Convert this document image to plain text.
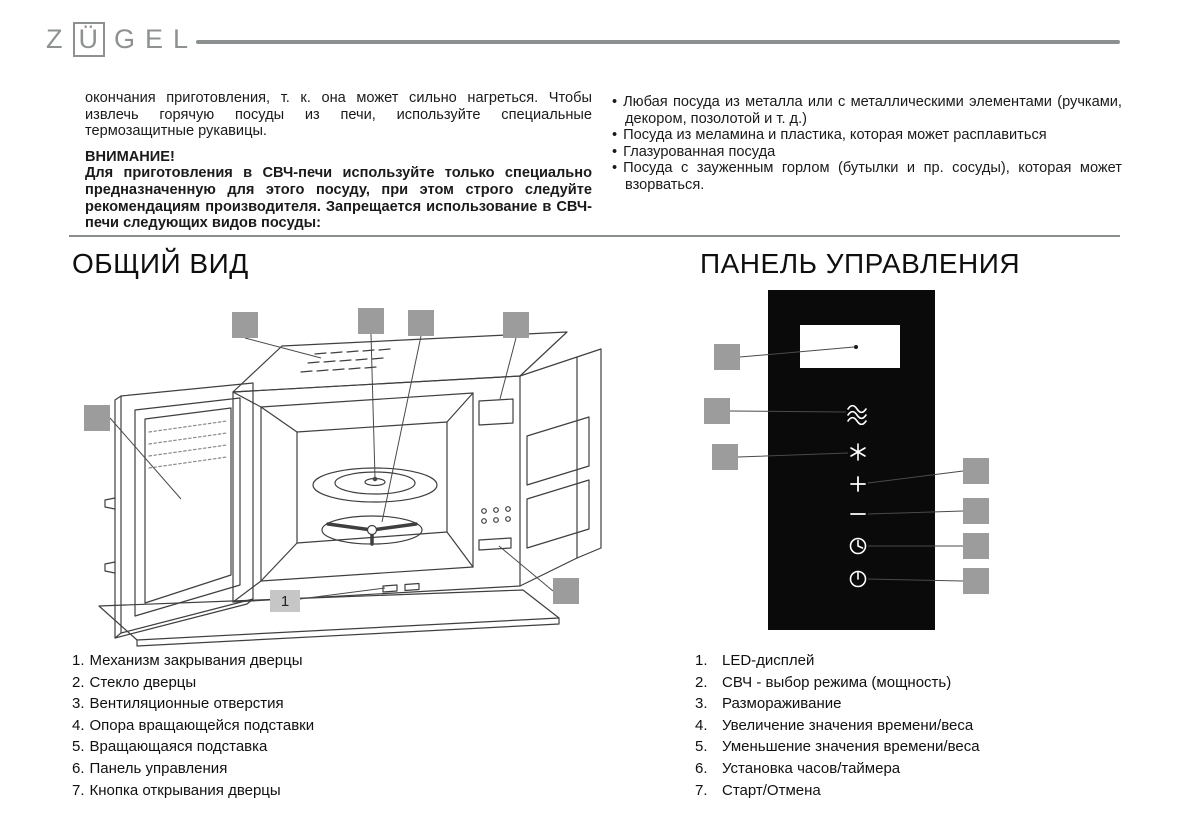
Z Ü G E L

окончания приготовления, т. к. она может сильно нагреться. Чтобы извлечь горячую посуды из печи, используйте специальные термозащитные рукавицы.

ВНИМАНИЕ!

Для приготовления в СВЧ-печи используйте только специально предназначенную для этого посуду, при этом строго следуйте рекомендациям производителя. Запрещается использование в СВЧ-печи следующих видов посуды:

• Любая посуда из металла или с металлическими элементами (ручками, декором, позолотой и т. д.)
• Посуда из меламина и пластика, которая может расплавиться
• Глазурованная посуда
• Посуда с зауженным горлом (бутылки и пр. сосуды), которая может взорваться.
ОБЩИЙ ВИД	ПАНЕЛЬ УПРАВЛЕНИЯ
1
1. Механизм закрывания дверцы
2. Стекло дверцы
3. Вентиляционные отверстия
4. Опора вращающейся подставки
5. Вращающаяся подставка
6. Панель управления
7. Кнопка открывания дверцы
1. LED-дисплей
2. СВЧ - выбор режима (мощность)
3. Размораживание
4. Увеличение значения времени/веса
5. Уменьшение значения времени/веса
6. Установка часов/таймера
7. Старт/Отмена
